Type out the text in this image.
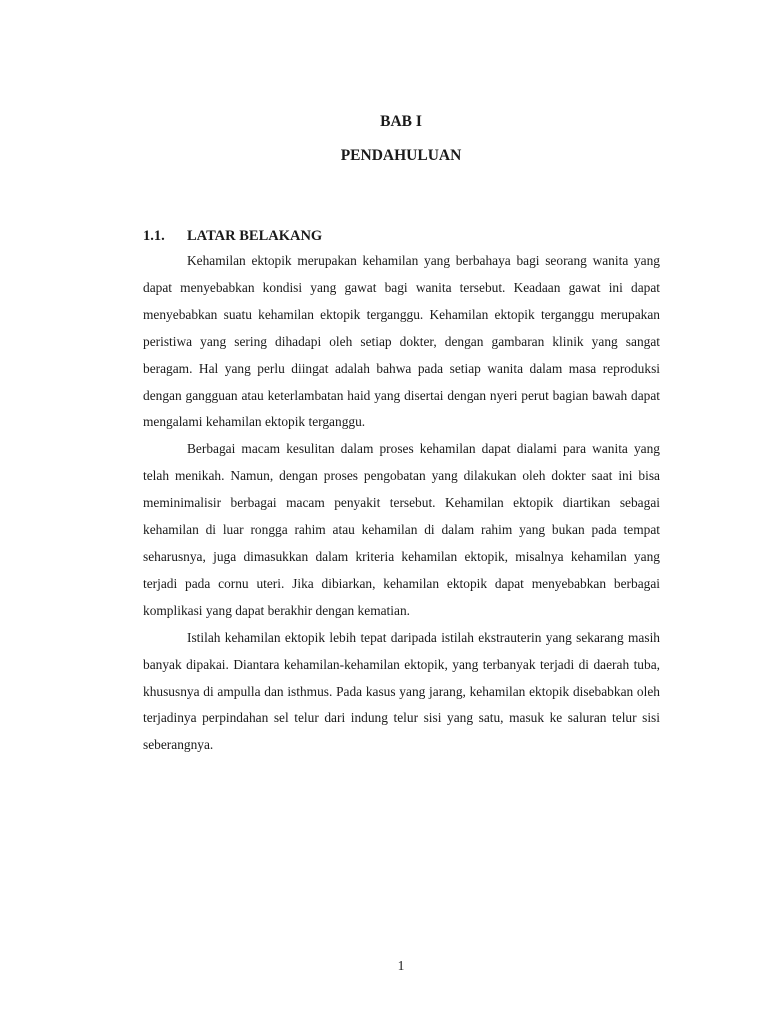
BAB I
PENDAHULUAN
1.1. LATAR BELAKANG

Kehamilan ektopik merupakan kehamilan yang berbahaya bagi seorang wanita yang dapat menyebabkan kondisi yang gawat bagi wanita tersebut. Keadaan gawat ini dapat menyebabkan suatu kehamilan ektopik terganggu. Kehamilan ektopik terganggu merupakan peristiwa yang sering dihadapi oleh setiap dokter, dengan gambaran klinik yang sangat beragam. Hal yang perlu diingat adalah bahwa pada setiap wanita dalam masa reproduksi dengan gangguan atau keterlambatan haid yang disertai dengan nyeri perut bagian bawah dapat mengalami kehamilan ektopik terganggu.

Berbagai macam kesulitan dalam proses kehamilan dapat dialami para wanita yang telah menikah. Namun, dengan proses pengobatan yang dilakukan oleh dokter saat ini bisa meminimalisir berbagai macam penyakit tersebut. Kehamilan ektopik diartikan sebagai kehamilan di luar rongga rahim atau kehamilan di dalam rahim yang bukan pada tempat seharusnya, juga dimasukkan dalam kriteria kehamilan ektopik, misalnya kehamilan yang terjadi pada cornu uteri. Jika dibiarkan, kehamilan ektopik dapat menyebabkan berbagai komplikasi yang dapat berakhir dengan kematian.

Istilah kehamilan ektopik lebih tepat daripada istilah ekstrauterin yang sekarang masih banyak dipakai. Diantara kehamilan-kehamilan ektopik, yang terbanyak terjadi di daerah tuba, khususnya di ampulla dan isthmus. Pada kasus yang jarang, kehamilan ektopik disebabkan oleh terjadinya perpindahan sel telur dari indung telur sisi yang satu, masuk ke saluran telur sisi seberangnya.

1
